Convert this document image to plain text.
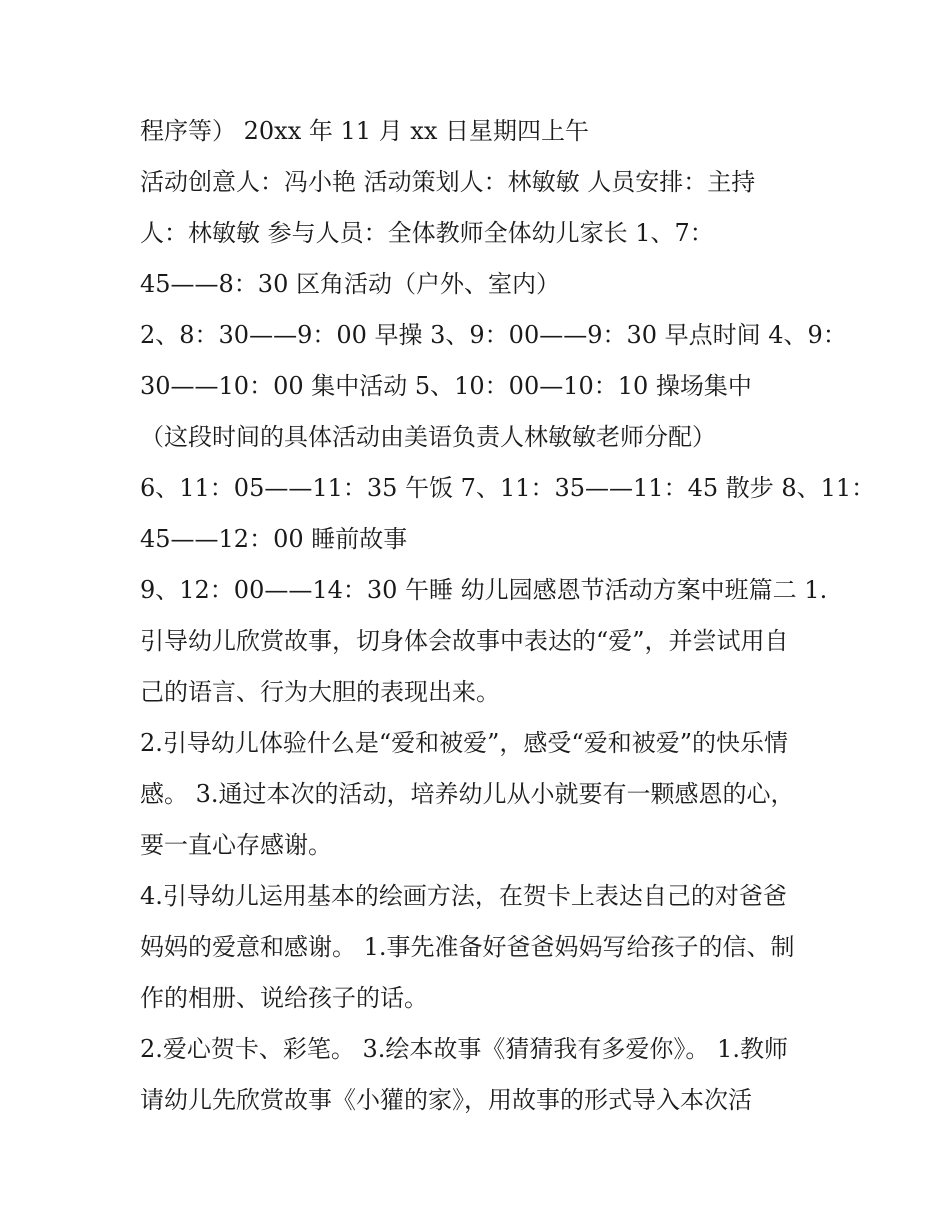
程序等） 20xx 年 11 月 xx 日星期四上午
活动创意人：冯小艳 活动策划人：林敏敏 人员安排：主持
人：林敏敏 参与人员：全体教师全体幼儿家长 1、7：
45——8：30 区角活动（户外、室内）
2、8：30——9：00 早操 3、9：00——9：30 早点时间 4、9：
30——10：00 集中活动 5、10：00—10：10 操场集中
（这段时间的具体活动由美语负责人林敏敏老师分配）
6、11：05——11：35 午饭 7、11：35——11：45 散步 8、11：
45——12：00 睡前故事
9、12：00——14：30 午睡 幼儿园感恩节活动方案中班篇二 1.
引导幼儿欣赏故事，切身体会故事中表达的“爱”，并尝试用自
己的语言、行为大胆的表现出来。
2.引导幼儿体验什么是“爱和被爱”，感受“爱和被爱”的快乐情
感。 3.通过本次的活动，培养幼儿从小就要有一颗感恩的心，
要一直心存感谢。
4.引导幼儿运用基本的绘画方法，在贺卡上表达自己的对爸爸
妈妈的爱意和感谢。 1.事先准备好爸爸妈妈写给孩子的信、制
作的相册、说给孩子的话。
2.爱心贺卡、彩笔。 3.绘本故事《猜猜我有多爱你》。 1.教师
请幼儿先欣赏故事《小獾的家》，用故事的形式导入本次活
